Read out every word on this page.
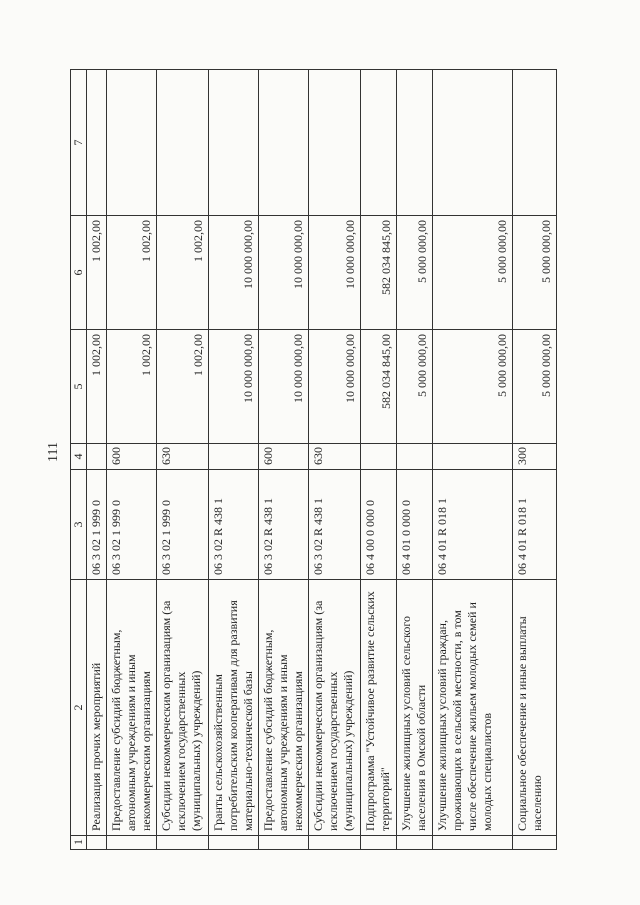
111
1	2	3	4	5	6	7
	Реализация прочих мероприятий	06 3 02 1 999 0		1 002,00	1 002,00	
	Предоставление субсидий бюджетным, автономным учреждениям и иным некоммерческим организациям	06 3 02 1 999 0	600	1 002,00	1 002,00	
	Субсидии некоммерческим организациям (за исключением государственных (муниципальных) учреждений)	06 3 02 1 999 0	630	1 002,00	1 002,00	
	Гранты сельскохозяйственным потребительским кооперативам для развития материально-технической базы	06 3 02 R 438 1		10 000 000,00	10 000 000,00	
	Предоставление субсидий бюджетным, автономным учреждениям и иным некоммерческим организациям	06 3 02 R 438 1	600	10 000 000,00	10 000 000,00	
	Субсидии некоммерческим организациям (за исключением государственных (муниципальных) учреждений)	06 3 02 R 438 1	630	10 000 000,00	10 000 000,00	
	Подпрограмма "Устойчивое развитие сельских территорий"	06 4 00 0 000 0		582 034 845,00	582 034 845,00	
	Улучшение жилищных условий сельского населения в Омской области	06 4 01 0 000 0		5 000 000,00	5 000 000,00	
	Улучшение жилищных условий граждан, проживающих в сельской местности, в том числе обеспечение жильем молодых семей и молодых специалистов	06 4 01 R 018 1		5 000 000,00	5 000 000,00	
	Социальное обеспечение и иные выплаты населению	06 4 01 R 018 1	300	5 000 000,00	5 000 000,00	
